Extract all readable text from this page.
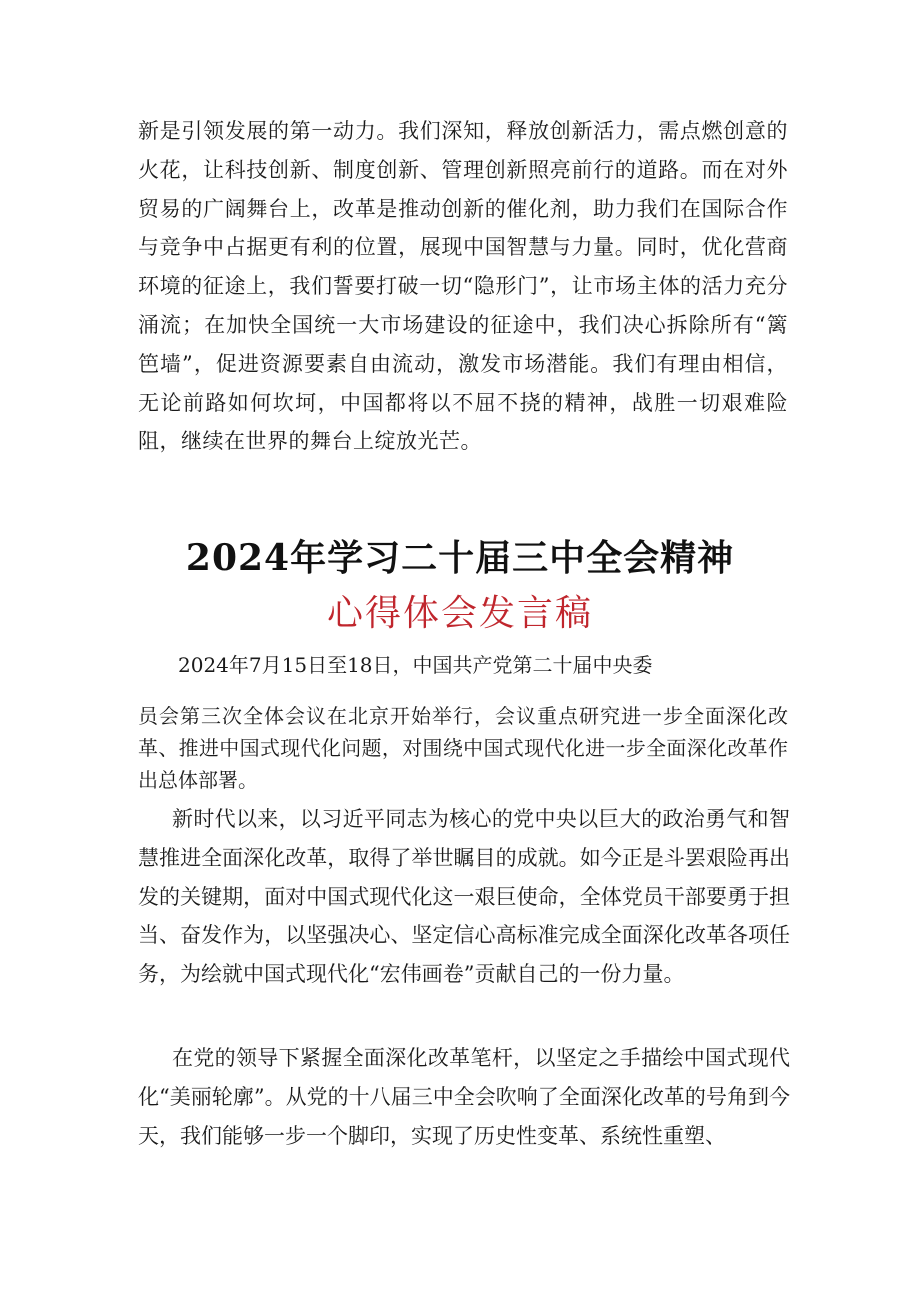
新是引领发展的第一动力。我们深知，释放创新活力，需点燃创意的火花，让科技创新、制度创新、管理创新照亮前行的道路。而在对外贸易的广阔舞台上，改革是推动创新的催化剂，助力我们在国际合作与竞争中占据更有利的位置，展现中国智慧与力量。同时，优化营商环境的征途上，我们誓要打破一切“隐形门”，让市场主体的活力充分涌流；在加快全国统一大市场建设的征途中，我们决心拆除所有“篱笆墙”，促进资源要素自由流动，激发市场潜能。我们有理由相信，无论前路如何坎坷，中国都将以不屈不挠的精神，战胜一切艰难险阻，继续在世界的舞台上绽放光芒。

2024年学习二十届三中全会精神
心得体会发言稿

2024年7月15日至18日，中国共产党第二十届中央委

员会第三次全体会议在北京开始举行，会议重点研究进一步全面深化改革、推进中国式现代化问题，对围绕中国式现代化进一步全面深化改革作出总体部署。

新时代以来，以习近平同志为核心的党中央以巨大的政治勇气和智慧推进全面深化改革，取得了举世瞩目的成就。如今正是斗罢艰险再出发的关键期，面对中国式现代化这一艰巨使命，全体党员干部要勇于担当、奋发作为，以坚强决心、坚定信心高标准完成全面深化改革各项任务，为绘就中国式现代化“宏伟画卷”贡献自己的一份力量。

在党的领导下紧握全面深化改革笔杆，以坚定之手描绘中国式现代化“美丽轮廓”。从党的十八届三中全会吹响了全面深化改革的号角到今天，我们能够一步一个脚印，实现了历史性变革、系统性重塑、
